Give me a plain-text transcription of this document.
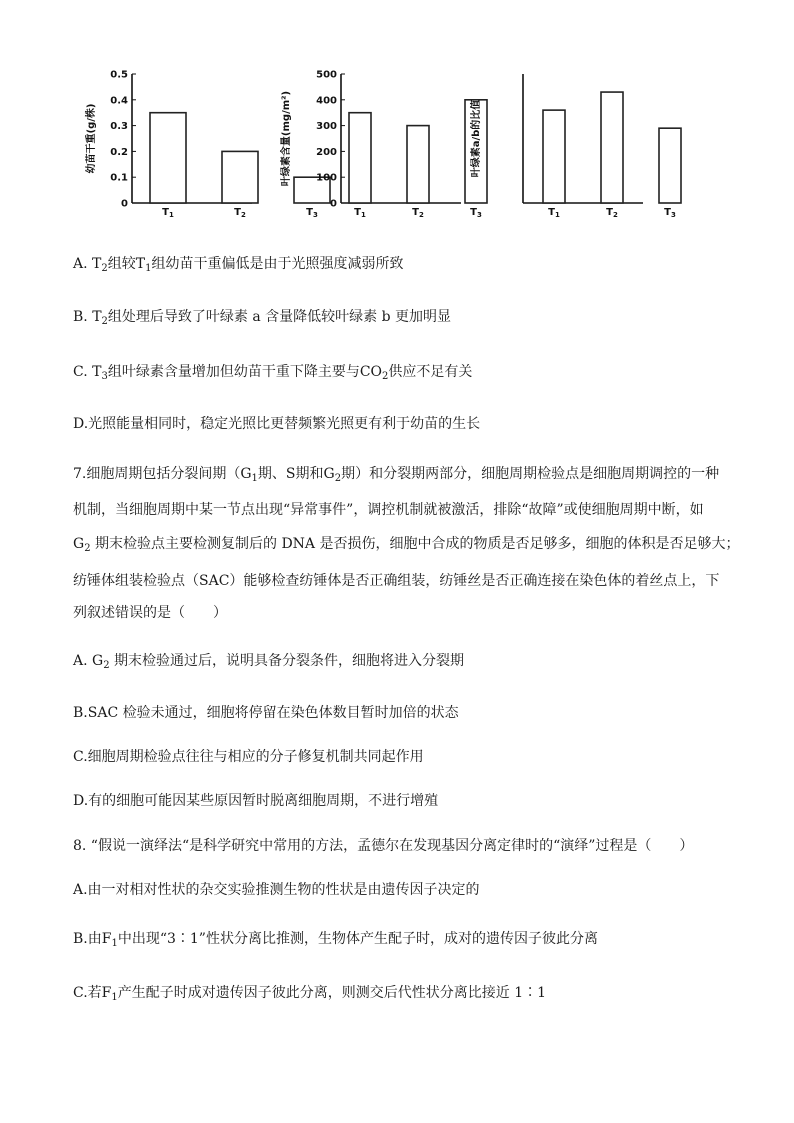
幼苗干重(g/株)
0
0.1
0.2
0.3
0.4
0.5
$T_1$	$T_2$	$T_3$
叶绿素含量(mg/m²)
0
100
200
300
400
500
$T_1$	$T_2$	$T_3$
叶绿素a/b的比值
$T_1$	$T_2$	$T_3$
A. $T_2$组较$T_1$组幼苗干重偏低是由于光照强度减弱所致
B. $T_2$组处理后导致了叶绿素 a 含量降低较叶绿素 b 更加明显
C. $T_3$组叶绿素含量增加但幼苗干重下降主要与$CO_2$供应不足有关
D.光照能量相同时，稳定光照比更替频繁光照更有利于幼苗的生长
7.细胞周期包括分裂间期（$G_1$期、S期和$G_2$期）和分裂期两部分，细胞周期检验点是细胞周期调控的一种
机制，当细胞周期中某一节点出现“异常事件”，调控机制就被激活，排除“故障”或使细胞周期中断，如
$G_2$ 期末检验点主要检测复制后的 DNA 是否损伤，细胞中合成的物质是否足够多，细胞的体积是否足够大；
纺锤体组装检验点（SAC）能够检查纺锤体是否正确组装，纺锤丝是否正确连接在染色体的着丝点上，下
列叙述错误的是（　　）
A. $G_2$ 期末检验通过后，说明具备分裂条件，细胞将进入分裂期
B.SAC 检验未通过，细胞将停留在染色体数目暂时加倍的状态
C.细胞周期检验点往往与相应的分子修复机制共同起作用
D.有的细胞可能因某些原因暂时脱离细胞周期，不进行增殖
8. “假说一演绎法“是科学研究中常用的方法，孟德尔在发现基因分离定律时的“演绎”过程是（　　）
A.由一对相对性状的杂交实验推测生物的性状是由遗传因子决定的
B.由$F_1$中出现“3∶1”性状分离比推测，生物体产生配子时，成对的遗传因子彼此分离
C.若$F_1$产生配子时成对遗传因子彼此分离，则测交后代性状分离比接近 1∶1
